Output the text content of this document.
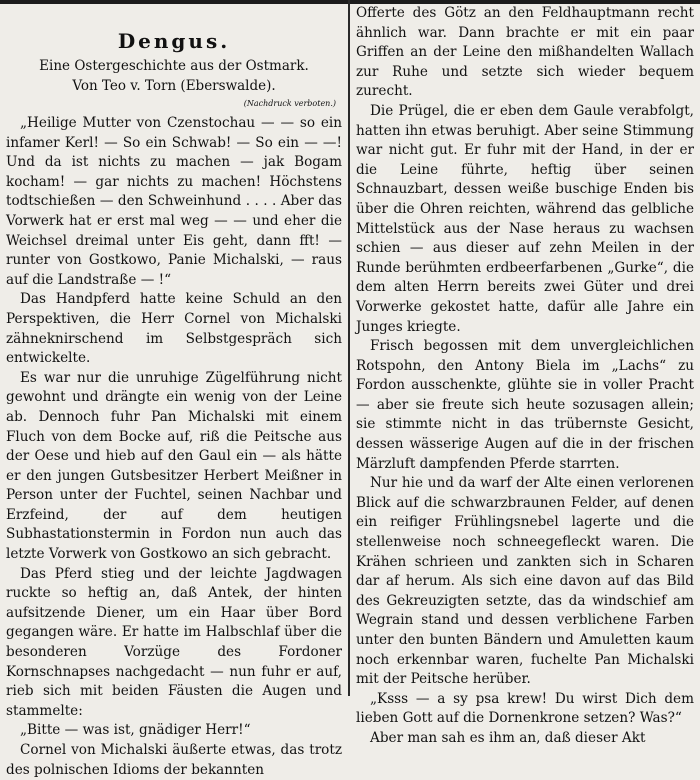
Dengus.
Eine Ostergeschichte aus der Ostmark.
Von Teo v. Torn (Eberswalde).
(Nachdruck verboten.)

„Heilige Mutter von Czenstochau — — so ein infamer Kerl! — So ein Schwab! — So ein — —! Und da ist nichts zu machen — jak Bogam kocham! — gar nichts zu machen! Höchstens todtschießen — den Schweinhund . . . . Aber das Vorwerk hat er erst mal weg — — und eher die Weichsel dreimal unter Eis geht, dann fft! — runter von Gostkowo, Panie Michalski, — raus auf die Landstraße — !“

Das Handpferd hatte keine Schuld an den Perspektiven, die Herr Cornel von Michalski zähneknirschend im Selbstgespräch sich entwickelte.

Es war nur die unruhige Zügelführung nicht gewohnt und drängte ein wenig von der Leine ab. Dennoch fuhr Pan Michalski mit einem Fluch von dem Bocke auf, riß die Peitsche aus der Oese und hieb auf den Gaul ein — als hätte er den jungen Gutsbesitzer Herbert Meißner in Person unter der Fuchtel, seinen Nachbar und Erzfeind, der auf dem heutigen Subhastationstermin in Fordon nun auch das letzte Vorwerk von Gostkowo an sich gebracht.

Das Pferd stieg und der leichte Jagdwagen ruckte so heftig an, daß Antek, der hinten aufsitzende Diener, um ein Haar über Bord gegangen wäre. Er hatte im Halbschlaf über die besonderen Vorzüge des Fordoner Kornschnapses nachgedacht — nun fuhr er auf, rieb sich mit beiden Fäusten die Augen und stammelte:

„Bitte — was ist, gnädiger Herr!“

Cornel von Michalski äußerte etwas, das trotz des polnischen Idioms der bekannten

Offerte des Götz an den Feldhauptmann recht ähnlich war. Dann brachte er mit ein paar Griffen an der Leine den mißhandelten Wallach zur Ruhe und setzte sich wieder bequem zurecht.

Die Prügel, die er eben dem Gaule verabfolgt, hatten ihn etwas beruhigt. Aber seine Stimmung war nicht gut. Er fuhr mit der Hand, in der er die Leine führte, heftig über seinen Schnauzbart, dessen weiße buschige Enden bis über die Ohren reichten, während das gelbliche Mittelstück aus der Nase heraus zu wachsen schien — aus dieser auf zehn Meilen in der Runde berühmten erdbeerfarbenen „Gurke“, die dem alten Herrn bereits zwei Güter und drei Vorwerke gekostet hatte, dafür alle Jahre ein Junges kriegte.

Frisch begossen mit dem unvergleichlichen Rotspohn, den Antony Biela im „Lachs“ zu Fordon ausschenkte, glühte sie in voller Pracht — aber sie freute sich heute sozusagen allein; sie stimmte nicht in das trübernste Gesicht, dessen wässerige Augen auf die in der frischen Märzluft dampfenden Pferde starrten.

Nur hie und da warf der Alte einen verlorenen Blick auf die schwarzbraunen Felder, auf denen ein reifiger Frühlingsnebel lagerte und die stellenweise noch schneegefleckt waren. Die Krähen schrieen und zankten sich in Scharen dar af herum. Als sich eine davon auf das Bild des Gekreuzigten setzte, das da windschief am Wegrain stand und dessen verblichene Farben unter den bunten Bändern und Amuletten kaum noch erkennbar waren, fuchelte Pan Michalski mit der Peitsche herüber.

„Ksss — a sy psa krew! Du wirst Dich dem lieben Gott auf die Dornenkrone setzen? Was?“

Aber man sah es ihm an, daß dieser Akt
